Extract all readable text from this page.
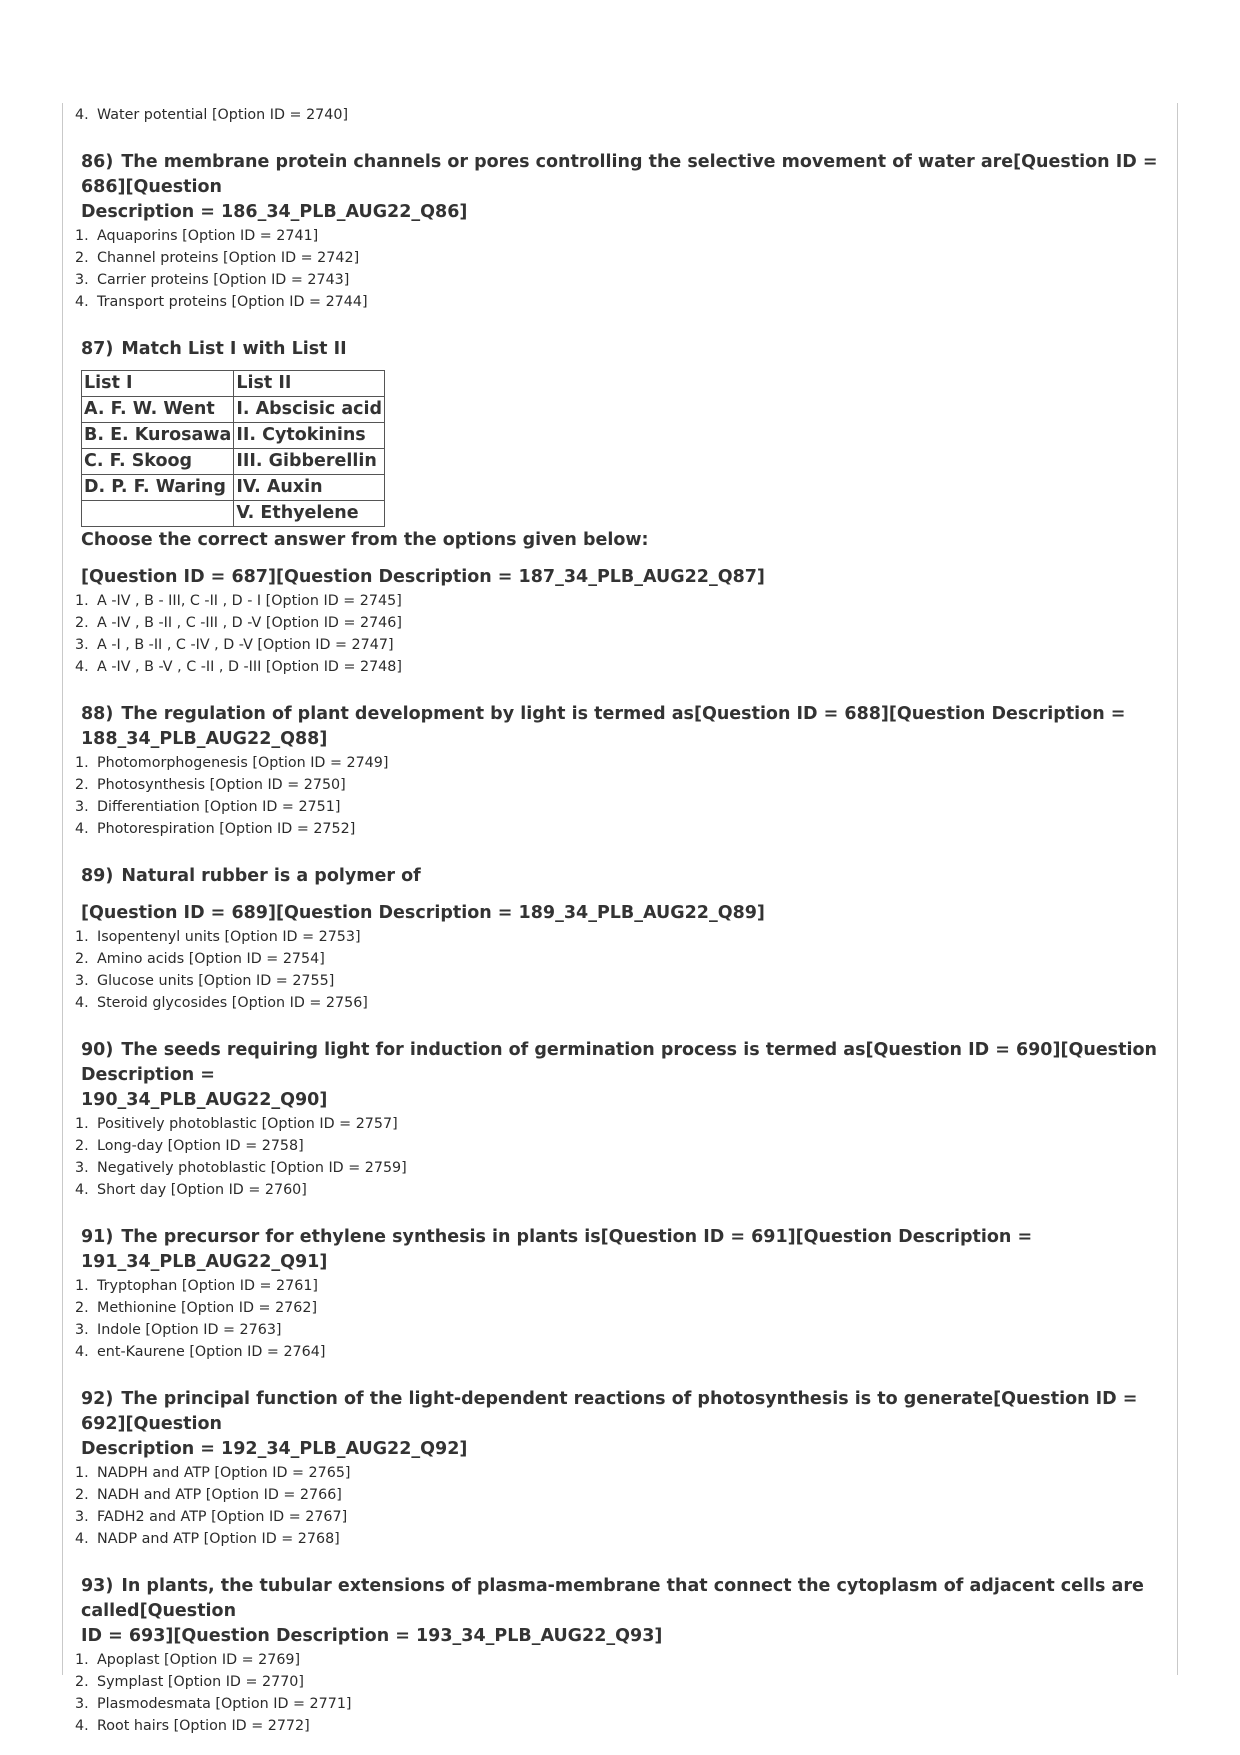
4. Water potential [Option ID = 2740]
86) The membrane protein channels or pores controlling the selective movement of water are[Question ID = 686][Question
Description = 186_34_PLB_AUG22_Q86]
1. Aquaporins [Option ID = 2741]
2. Channel proteins [Option ID = 2742]
3. Carrier proteins [Option ID = 2743]
4. Transport proteins [Option ID = 2744]
87) Match List I with List II
List I	List II
A. F. W. Went	I. Abscisic acid
B. E. Kurosawa	II. Cytokinins
C. F. Skoog	III. Gibberellin
D. P. F. Waring	IV. Auxin
	V. Ethyelene
Choose the correct answer from the options given below:
[Question ID = 687][Question Description = 187_34_PLB_AUG22_Q87]
1. A -IV , B - III, C -II , D - I [Option ID = 2745]
2. A -IV , B -II , C -III , D -V [Option ID = 2746]
3. A -I , B -II , C -IV , D -V [Option ID = 2747]
4. A -IV , B -V , C -II , D -III [Option ID = 2748]
88) The regulation of plant development by light is termed as[Question ID = 688][Question Description =
188_34_PLB_AUG22_Q88]
1. Photomorphogenesis [Option ID = 2749]
2. Photosynthesis [Option ID = 2750]
3. Differentiation [Option ID = 2751]
4. Photorespiration [Option ID = 2752]
89) Natural rubber is a polymer of
[Question ID = 689][Question Description = 189_34_PLB_AUG22_Q89]
1. Isopentenyl units [Option ID = 2753]
2. Amino acids [Option ID = 2754]
3. Glucose units [Option ID = 2755]
4. Steroid glycosides [Option ID = 2756]
90) The seeds requiring light for induction of germination process is termed as[Question ID = 690][Question Description =
190_34_PLB_AUG22_Q90]
1. Positively photoblastic [Option ID = 2757]
2. Long-day [Option ID = 2758]
3. Negatively photoblastic [Option ID = 2759]
4. Short day [Option ID = 2760]
91) The precursor for ethylene synthesis in plants is[Question ID = 691][Question Description = 191_34_PLB_AUG22_Q91]
1. Tryptophan [Option ID = 2761]
2. Methionine [Option ID = 2762]
3. Indole [Option ID = 2763]
4. ent-Kaurene [Option ID = 2764]
92) The principal function of the light-dependent reactions of photosynthesis is to generate[Question ID = 692][Question
Description = 192_34_PLB_AUG22_Q92]
1. NADPH and ATP [Option ID = 2765]
2. NADH and ATP [Option ID = 2766]
3. FADH2 and ATP [Option ID = 2767]
4. NADP and ATP [Option ID = 2768]
93) In plants, the tubular extensions of plasma-membrane that connect the cytoplasm of adjacent cells are called[Question
ID = 693][Question Description = 193_34_PLB_AUG22_Q93]
1. Apoplast [Option ID = 2769]
2. Symplast [Option ID = 2770]
3. Plasmodesmata [Option ID = 2771]
4. Root hairs [Option ID = 2772]
